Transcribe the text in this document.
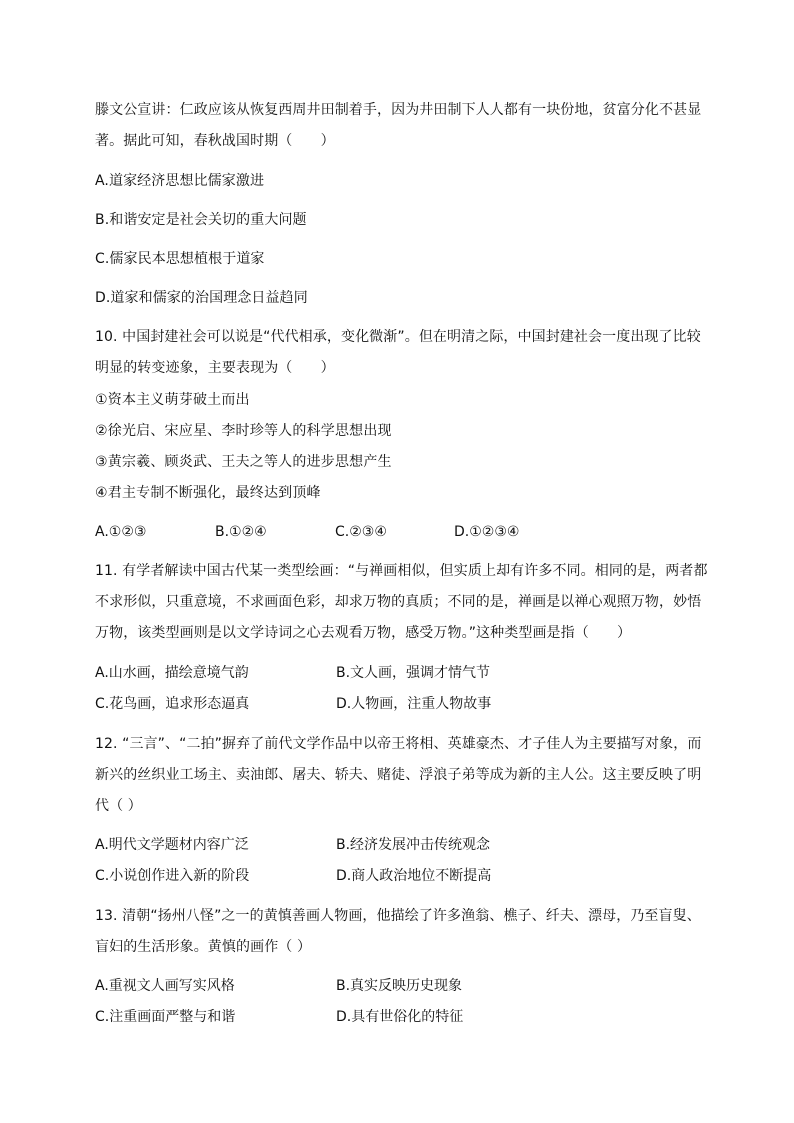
滕文公宣讲：仁政应该从恢复西周井田制着手，因为井田制下人人都有一块份地，贫富分化不甚显
著。据此可知，春秋战国时期（　　）
A.道家经济思想比儒家激进
B.和谐安定是社会关切的重大问题
C.儒家民本思想植根于道家
D.道家和儒家的治国理念日益趋同
10. 中国封建社会可以说是“代代相承，变化微渐”。但在明清之际，中国封建社会一度出现了比较
明显的转变迹象，主要表现为（　　）
①资本主义萌芽破土而出
②徐光启、宋应星、李时珍等人的科学思想出现
③黄宗羲、顾炎武、王夫之等人的进步思想产生
④君主专制不断强化，最终达到顶峰
A.①②③	B.①②④	C.②③④	D.①②③④
11. 有学者解读中国古代某一类型绘画：“与禅画相似，但实质上却有许多不同。相同的是，两者都
不求形似，只重意境，不求画面色彩，却求万物的真质；不同的是，禅画是以禅心观照万物，妙悟
万物，该类型画则是以文学诗词之心去观看万物，感受万物。”这种类型画是指（　　）
A.山水画，描绘意境气韵	B.文人画，强调才情气节
C.花鸟画，追求形态逼真	D.人物画，注重人物故事
12. “三言”、“二拍”摒弃了前代文学作品中以帝王将相、英雄豪杰、才子佳人为主要描写对象，而
新兴的丝织业工场主、卖油郎、屠夫、轿夫、赌徒、浮浪子弟等成为新的主人公。这主要反映了明
代（ ）
A.明代文学题材内容广泛	B.经济发展冲击传统观念
C.小说创作进入新的阶段	D.商人政治地位不断提高
13. 清朝“扬州八怪”之一的黄慎善画人物画，他描绘了许多渔翁、樵子、纤夫、漂母，乃至盲叟、
盲妇的生活形象。黄慎的画作（ ）
A.重视文人画写实风格	B.真实反映历史现象
C.注重画面严整与和谐	D.具有世俗化的特征
